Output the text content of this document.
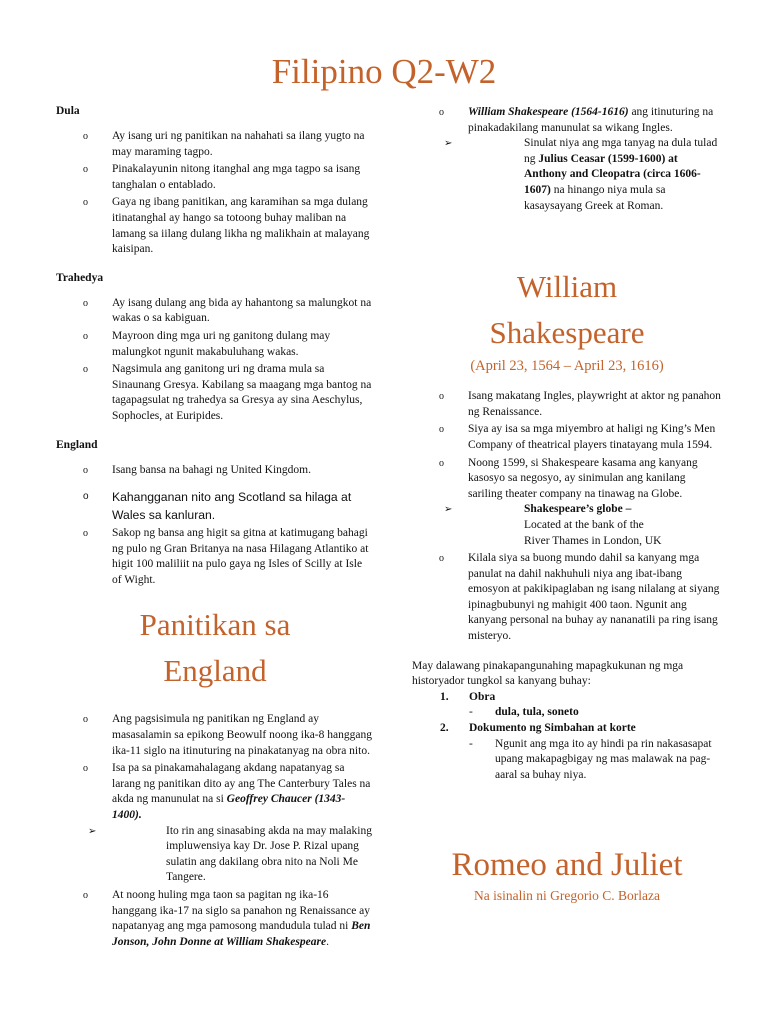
Filipino Q2-W2

Dula

o Ay isang uri ng panitikan na nahahati sa ilang yugto na may maraming tagpo.
o Pinakalayunin nitong itanghal ang mga tagpo sa isang tanghalan o entablado.
o Gaya ng ibang panitikan, ang karamihan sa mga dulang itinatanghal ay hango sa totoong buhay maliban na lamang sa iilang dulang likha ng malikhain at malayang kaisipan.

Trahedya

o Ay isang dulang ang bida ay hahantong sa malungkot na wakas o sa kabiguan.
o Mayroon ding mga uri ng ganitong dulang may malungkot ngunit makabuluhang wakas.
o Nagsimula ang ganitong uri ng drama mula sa Sinaunang Gresya. Kabilang sa maagang mga bantog na tagapagsulat ng trahedya sa Gresya ay sina Aeschylus, Sophocles, at Euripides.

England

o Isang bansa na bahagi ng United Kingdom.
o Kahangganan nito ang Scotland sa hilaga at Wales sa kanluran.
o Sakop ng bansa ang higit sa gitna at katimugang bahagi ng pulo ng Gran Britanya na nasa Hilagang Atlantiko at higit 100 maliliit na pulo gaya ng Isles of Scilly at Isle of Wight.
Panitikan sa
England
o Ang pagsisimula ng panitikan ng England ay masasalamin sa epikong Beowulf noong ika-8 hanggang ika-11 siglo na itinuturing na pinakatanyag na obra nito.
o Isa pa sa pinakamahalagang akdang napatanyag sa larang ng panitikan dito ay ang The Canterbury Tales na akda ng manunulat na si Geoffrey Chaucer (1343-1400).
➢ Ito rin ang sinasabing akda na may malaking impluwensiya kay Dr. Jose P. Rizal upang sulatin ang dakilang obra nito na Noli Me Tangere.
o At noong huling mga taon sa pagitan ng ika-16 hanggang ika-17 na siglo sa panahon ng Renaissance ay napatanyag ang mga pamosong mandudula tulad ni Ben Jonson, John Donne at William Shakespeare.
o William Shakespeare (1564-1616) ang itinuturing na pinakadakilang manunulat sa wikang Ingles.
➢ Sinulat niya ang mga tanyag na dula tulad ng Julius Ceasar (1599-1600) at Anthony and Cleopatra (circa 1606-1607) na hinango niya mula sa kasaysayang Greek at Roman.
William
Shakespeare

(April 23, 1564 – April 23, 1616)

o Isang makatang Ingles, playwright at aktor ng panahon ng Renaissance.
o Siya ay isa sa mga miyembro at haligi ng King’s Men Company of theatrical players tinatayang mula 1594.
o Noong 1599, si Shakespeare kasama ang kanyang kasosyo sa negosyo, ay sinimulan ang kanilang sariling theater company na tinawag na Globe.
➢ Shakespeare’s globe –
Located at the bank of the
River Thames in London, UK
o Kilala siya sa buong mundo dahil sa kanyang mga panulat na dahil nakhuhuli niya ang ibat-ibang emosyon at pakikipaglaban ng isang nilalang at siyang ipinagbubunyi ng mahigit 400 taon. Ngunit ang kanyang personal na buhay ay nananatili pa ring isang misteryo.

May dalawang pinakapangunahing mapagkukunan ng mga historyador tungkol sa kanyang buhay:

1. Obra
- dula, tula, soneto
2. Dokumento ng Simbahan at korte
- Ngunit ang mga ito ay hindi pa rin nakasasapat upang makapagbigay ng mas malawak na pag-aaral sa buhay niya.
Romeo and Juliet

Na isinalin ni Gregorio C. Borlaza
